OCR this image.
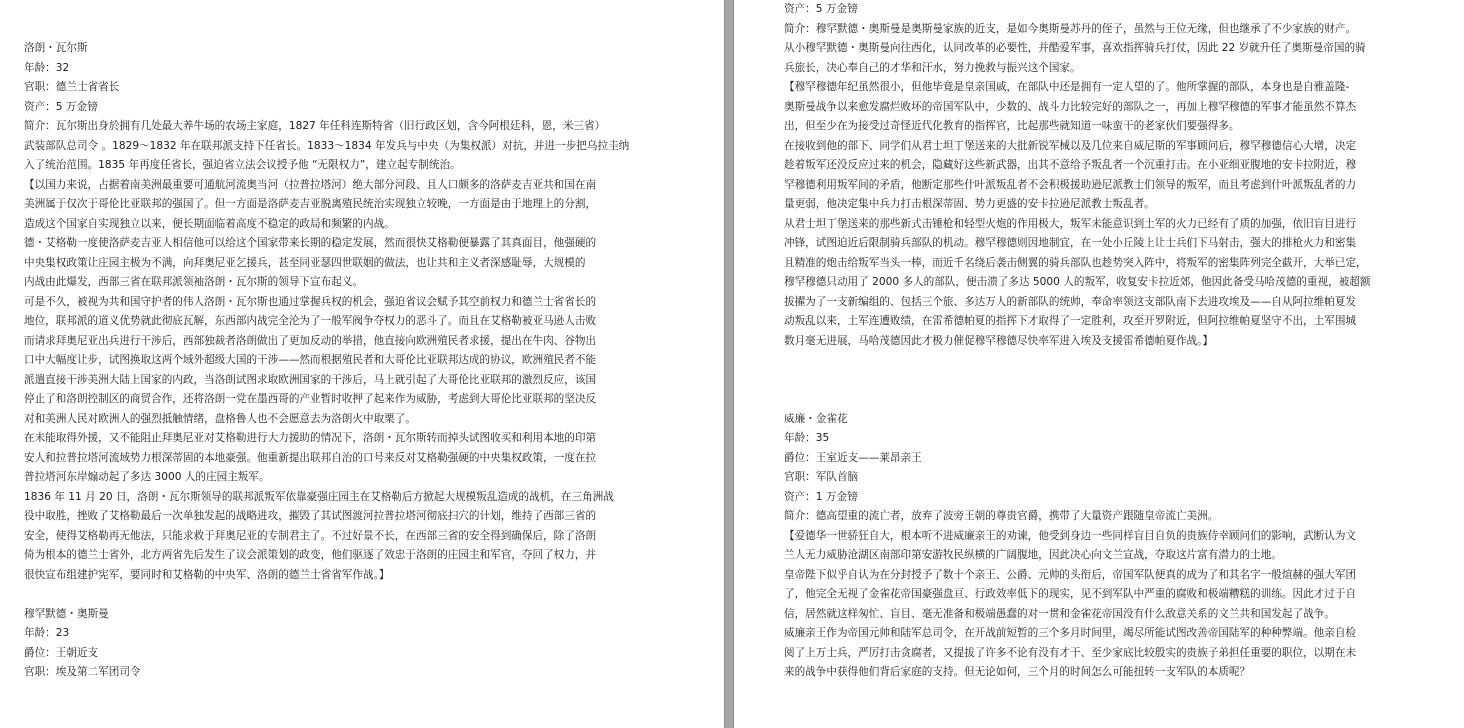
洛朗・瓦尔斯
年龄：32
官职：德兰士省省长
资产：5 万金镑
简介：瓦尔斯出身於拥有几处最大养牛场的农场主家庭，1827 年任科连斯特省（旧行政区划，含今阿根廷科，恩，米三省）
武装部队总司令 。1829～1832 年在联邦派支持下任省长。1833～1834 年发兵与中央（为集权派）对抗，并进一步把乌拉圭纳
入了统治范围。1835 年再度任省长，强迫省立法会议授予他 “无限权力”，建立起专制统治。
【以国力来说，占据着南美洲最重要可通航河流奥当河（拉普拉塔河）绝大部分河段、且人口颇多的洛萨麦吉亚共和国在南
美洲属于仅次于哥伦比亚联邦的强国了。但一方面是洛萨麦吉亚脱离殖民统治实现独立较晚，一方面是由于地理上的分割，
造成这个国家自实现独立以来，便长期面临着高度不稳定的政局和频繁的内战。
德・艾格勒一度使洛萨麦吉亚人相信他可以给这个国家带来长期的稳定发展，然而很快艾格勒便暴露了其真面目，他强硬的
中央集权政策让庄园主极为不满，向拜奥尼亚乞援兵，甚至同亚瑟四世联姻的做法，也让共和主义者深感耻辱，大规模的
内战由此爆发，西部三省在联邦派领袖洛朗・瓦尔斯的领导下宣布起义。
可是不久，被视为共和国守护者的伟人洛朗・瓦尔斯也通过掌握兵权的机会，强迫省议会赋予其空前权力和德兰士省省长的
地位，联邦派的道义优势就此彻底瓦解，东西部内战完全沦为了一般军阀争夺权力的恶斗了。而且在艾格勒被亚马逊人击败
而请求拜奥尼亚出兵进行干涉后，西部独裁者洛朗做出了更加反动的举措，他直接向欧洲殖民者求援，提出在牛肉、谷物出
口中大幅度让步，试图换取这两个域外超级大国的干涉——然而根据殖民者和大哥伦比亚联邦达成的协议，欧洲殖民者不能
派遣直接干涉美洲大陆上国家的内政，当洛朗试图求取欧洲国家的干涉后，马上就引起了大哥伦比亚联邦的激烈反应，该国
停止了和洛朗控制区的商贸合作，还将洛朗一党在墨西哥的产业暂时收押了起来作为威胁，考虑到大哥伦比亚联邦的坚决反
对和美洲人民对欧洲人的强烈抵触情绪，盘格鲁人也不会愿意去为洛朗火中取栗了。
在未能取得外援，又不能阻止拜奥尼亚对艾格勒进行大力援助的情况下，洛朗・瓦尔斯转而掉头试图收买和利用本地的印第
安人和拉普拉塔河流域势力根深蒂固的本地豪强。他重新提出联邦自治的口号来反对艾格勒强硬的中央集权政策，一度在拉
普拉塔河东岸煽动起了多达 3000 人的庄园主叛军。
1836 年 11 月 20 日，洛朗・瓦尔斯领导的联邦派叛军依靠豪强庄园主在艾格勒后方掀起大规模叛乱造成的战机，在三角洲战
役中取胜，挫败了艾格勒最后一次单独发起的战略进攻，摧毁了其试图渡河拉普拉塔河彻底扫穴的计划，维持了西部三省的
安全，使得艾格勒再无他法，只能求救于拜奥尼亚的专制君主了。不过好景不长，在西部三省的安全得到确保后，除了洛朗
倚为根本的德兰士省外，北方两省先后发生了议会派策划的政变，他们驱逐了效忠于洛朗的庄园主和军官，夺回了权力，并
很快宣布组建护宪军，要同时和艾格勒的中央军、洛朗的德兰士省省军作战。】
穆罕默德・奥斯曼
年龄：23
爵位：王朝近支
官职：埃及第二军团司令
资产：5 万金镑
简介：穆罕默德・奥斯曼是奥斯曼家族的近支，是如今奥斯曼苏丹的侄子，虽然与王位无缘，但也继承了不少家族的财产。
从小穆罕默德・奥斯曼向往西化，认同改革的必要性，并酷爱军事，喜欢指挥骑兵打仗，因此 22 岁就升任了奥斯曼帝国的骑
兵旅长，决心奉自己的才华和汗水，努力挽救与振兴这个国家。
【穆罕穆德年纪虽然很小，但他毕竟是皇亲国戚，在部队中还是拥有一定人望的了。他所掌握的部队，本身也是自雅盖隆-
奥斯曼战争以来愈发腐烂败坏的帝国军队中，少数的、战斗力比较完好的部队之一，再加上穆罕穆德的军事才能虽然不算杰
出，但至少在为接受过奇怪近代化教育的指挥官，比起那些就知道一味蛮干的老家伙们要强得多。
在接收到他的部下、同学们从君士坦丁堡送来的大批新锐军械以及几位来自威尼斯的军事顾问后，穆罕穆德信心大增，决定
趁着叛军还没反应过来的机会，隐藏好这些新武器，出其不意给予叛乱者一个沉重打击。在小亚细亚腹地的安卡拉附近，穆
罕穆德利用叛军间的矛盾，他断定那些什叶派叛乱者不会积极援助逊尼派教士们领导的叛军，而且考虑到什叶派叛乱者的力
量更弱，他决定集中兵力打击根深蒂固、势力更盛的安卡拉逊尼派教士叛乱者。
从君士坦丁堡送来的那些新式击锤枪和轻型火炮的作用极大，叛军未能意识到土军的火力已经有了质的加强，依旧盲目进行
冲锋，试图迫近后限制骑兵部队的机动。穆罕穆德则因地制宜，在一处小丘陵上让士兵们下马射击，强大的排枪火力和密集
且精准的炮击给叛军当头一棒，而近千名绕后袭击侧翼的骑兵部队也趁势突入阵中，将叛军的密集阵列完全截开，大举已定，
穆罕穆德只动用了 2000 多人的部队，便击溃了多达 5000 人的叛军，收复安卡拉近郊，他因此备受马哈茂德的重视，被超额
拔擢为了一支新编组的、包括三个旅、多达万人的新部队的统帅，奉命率领这支部队南下去进攻埃及——自从阿拉维帕夏发
动叛乱以来，土军连遭败绩，在雷希德帕夏的指挥下才取得了一定胜利，攻至开罗附近，但阿拉维帕夏坚守不出，土军围城
数月毫无进展，马哈茂德因此才极力催促穆罕穆德尽快率军进入埃及支援雷希德帕夏作战。】
威廉・金雀花
年龄：35
爵位：王室近支——莱昂亲王
官职：军队首脑
资产：1 万金镑
简介：德高望重的流亡者，放弃了波旁王朝的尊贵官爵，携带了大量资产跟随皇帝流亡美洲。
【爱德华一世骄狂自大，根本听不进威廉亲王的劝谏，他受到身边一些同样盲目自负的贵族侍幸顾问们的影响，武断认为文
兰人无力威胁沧湖区南部印第安游牧民纵横的广阔腹地，因此决心向文兰宣战，夺取这片富有潜力的土地。
皇帝陛下似乎自认为在分封授予了数十个亲王、公爵、元帅的头衔后，帝国军队便真的成为了和其名字一般煊赫的强大军团
了，他完全无视了金雀花帝国豪强盘亘、行政效率低下的现实，见不到军队中严重的腐败和极端糟糕的训练。因此才过于自
信，居然就这样匆忙、盲目、毫无准备和极端愚蠢的对一贯和金雀花帝国没有什么敌意关系的文兰共和国发起了战争。
威廉亲王作为帝国元帅和陆军总司令，在开战前短暂的三个多月时间里，竭尽所能试图改善帝国陆军的种种弊端。他亲自检
阅了上万士兵，严厉打击贪腐者，又提拔了许多不论有没有才干、至少家底比较殷实的贵族子弟担任重要的职位，以期在未
来的战争中获得他们背后家庭的支持。但无论如何，三个月的时间怎么可能扭转一支军队的本质呢？
